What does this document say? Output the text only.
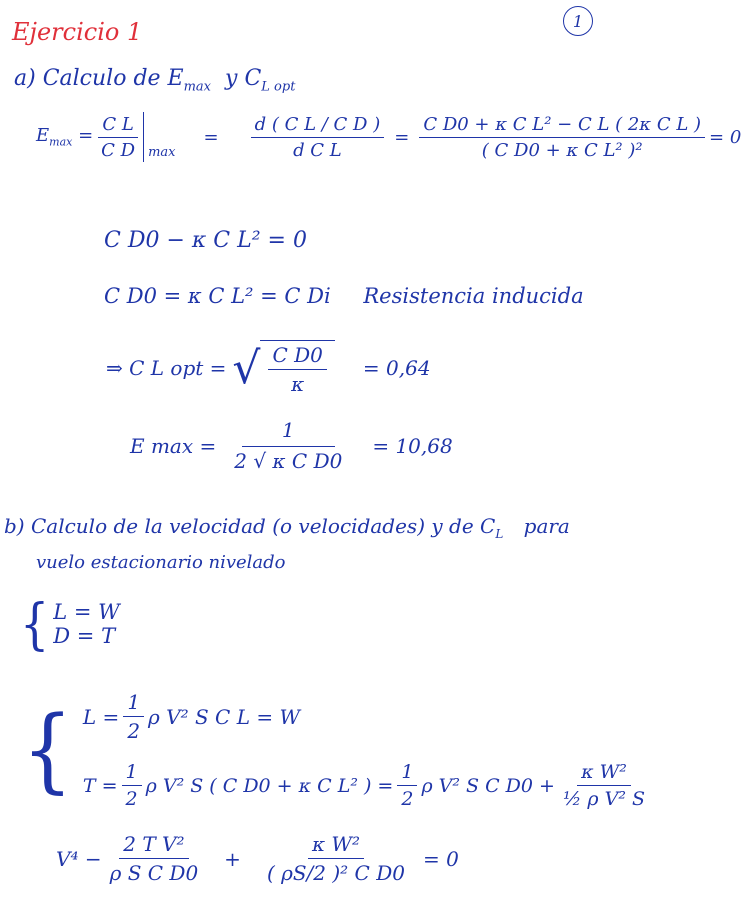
Ejercicio 1	1
a) Calculo de $E_{max}$ y $C_{L opt}$
$E_{max} = \frac{\text{C L}}{\text{C D}}$ max
= $\frac{\text{d ( C L / C D )}}{\text{d C L}} = \frac{\text{C D0 + κ C L² − C L ( 2κ C L )}}{\text{( C D0 + κ C L² )²}} = 0$
C D0 − κ C L² = 0
C D0 = κ C L² = C Di Resistencia inducida
⇒ C L opt = √ $\frac{\text{C D0}}{\kappa} = 0,64$
E $\max = \frac{1}{\text{2 √ κ C D0}} = 10,68$
b) Calculo de la velocidad (o velocidades) y de $C_L$ para
vuelo estacionario nivelado
{ L = W
D = T
{ $L = \frac{1}{2}$ ρ V² S C L = W
$T = \frac{1}{2}$ ρ V² S ( C D0 + κ C L² ) = $\frac{1}{2}$ ρ V² S C $D0 + \frac{\text{κ W²}}{\text{½ ρ V² S}}$
$V^4 - \frac{\text{2 T V²}}{\text{ρ S C D0}} + \frac{\text{κ W²}}{\text{( ρS/2 )² C D0}} = 0$
